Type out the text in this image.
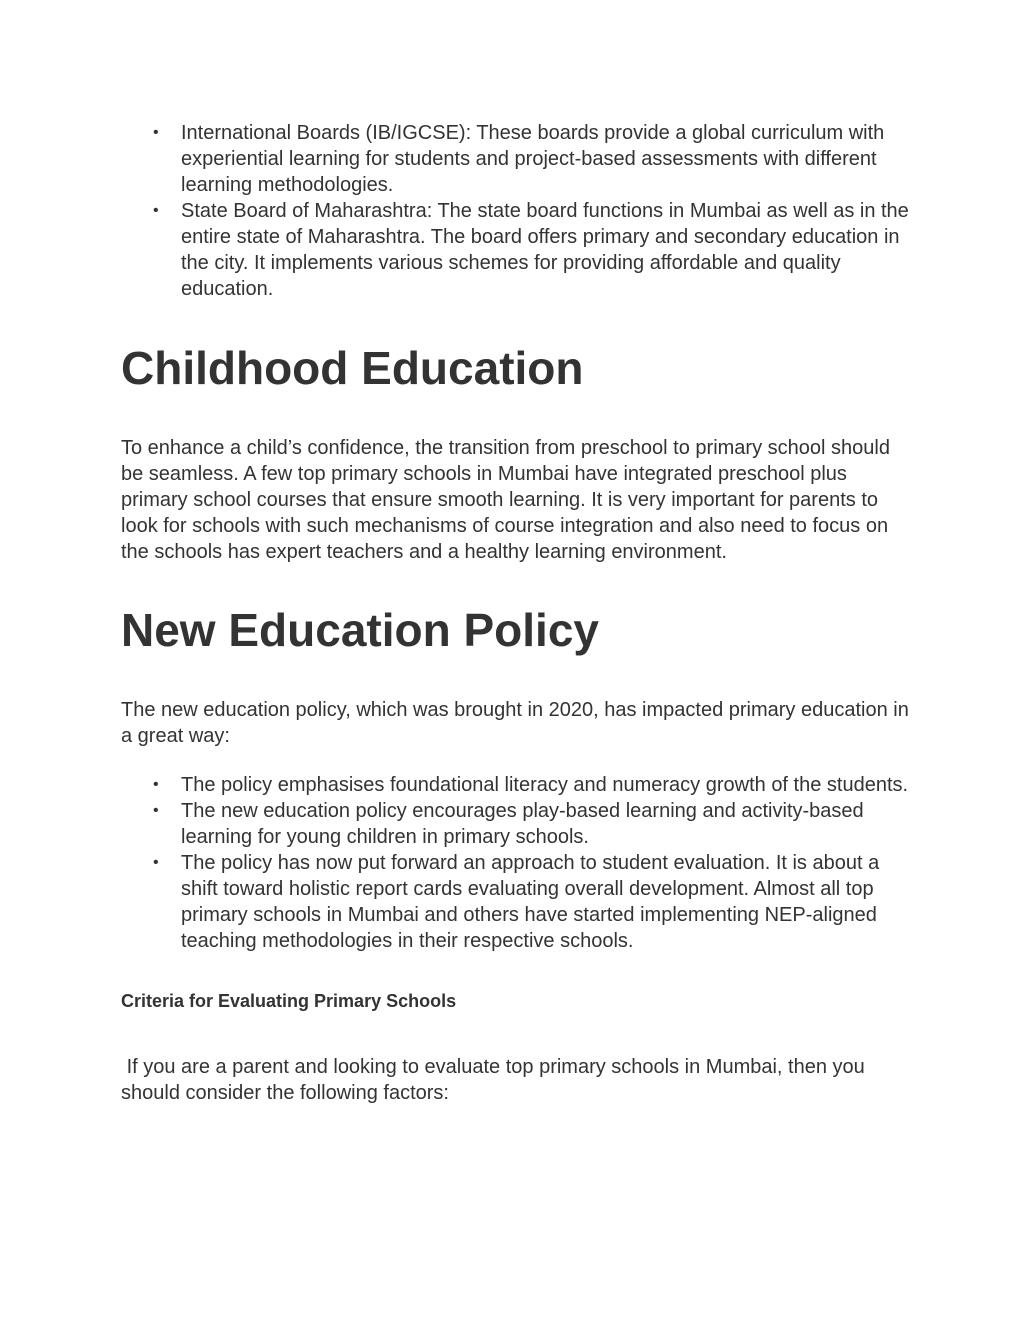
• International Boards (IB/IGCSE): These boards provide a global curriculum with experiential learning for students and project-based assessments with different learning methodologies.
• State Board of Maharashtra: The state board functions in Mumbai as well as in the entire state of Maharashtra. The board offers primary and secondary education in the city. It implements various schemes for providing affordable and quality education.
Childhood Education

To enhance a child’s confidence, the transition from preschool to primary school should be seamless. A few top primary schools in Mumbai have integrated preschool plus primary school courses that ensure smooth learning. It is very important for parents to look for schools with such mechanisms of course integration and also need to focus on the schools has expert teachers and a healthy learning environment.

New Education Policy

The new education policy, which was brought in 2020, has impacted primary education in a great way:

• The policy emphasises foundational literacy and numeracy growth of the students.
• The new education policy encourages play-based learning and activity-based learning for young children in primary schools.
• The policy has now put forward an approach to student evaluation. It is about a shift toward holistic report cards evaluating overall development. Almost all top primary schools in Mumbai and others have started implementing NEP-aligned teaching methodologies in their respective schools.
Criteria for Evaluating Primary Schools

If you are a parent and looking to evaluate top primary schools in Mumbai, then you should consider the following factors:
